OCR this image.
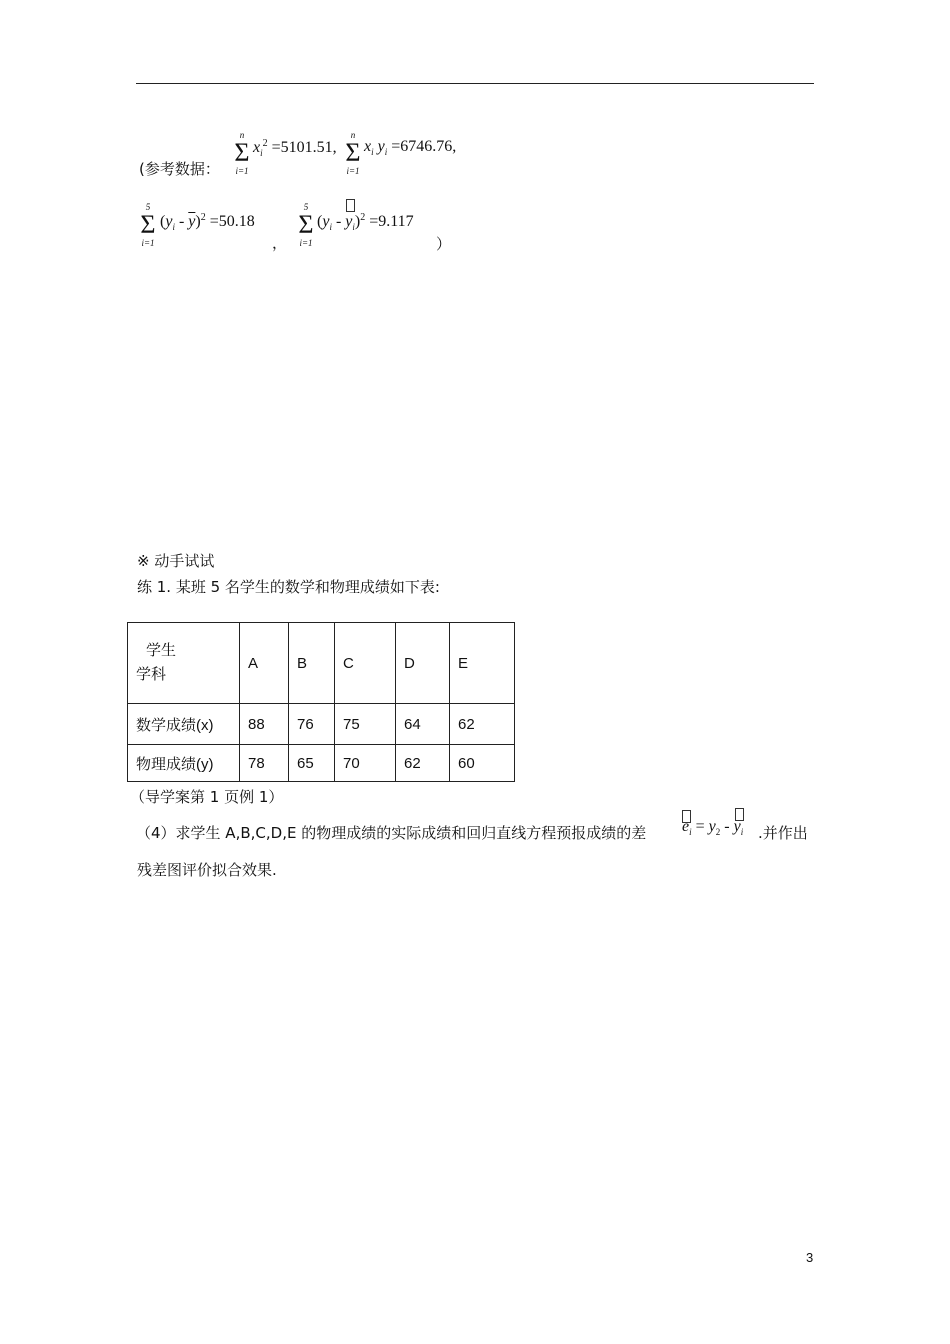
(参考数据：
n
Σ
i=1
$x_i^2 =5101.51$,
n
Σ
i=1
$x_i$ $y_i =6746.76$,
5
Σ
i=1
$(y_i - \overline{y})^2 =50.18$
，
5
Σ
i=1
($y_i$ -
$y_i)^2 =9.117$
）
※ 动手试试
练 1. 某班 5 名学生的数学和物理成绩如下表:
学生
学科	A	B	C	D	E
数学成绩(x)	88	76	75	64	62
物理成绩(y)	78	65	70	62	60
（导学案第 1 页例 1）
（4）求学生 A,B,C,D,E 的物理成绩的实际成绩和回归直线方程预报成绩的差 $e_i = y_2$ -
$y_i$ .并作出
残差图评价拟合效果.
3
